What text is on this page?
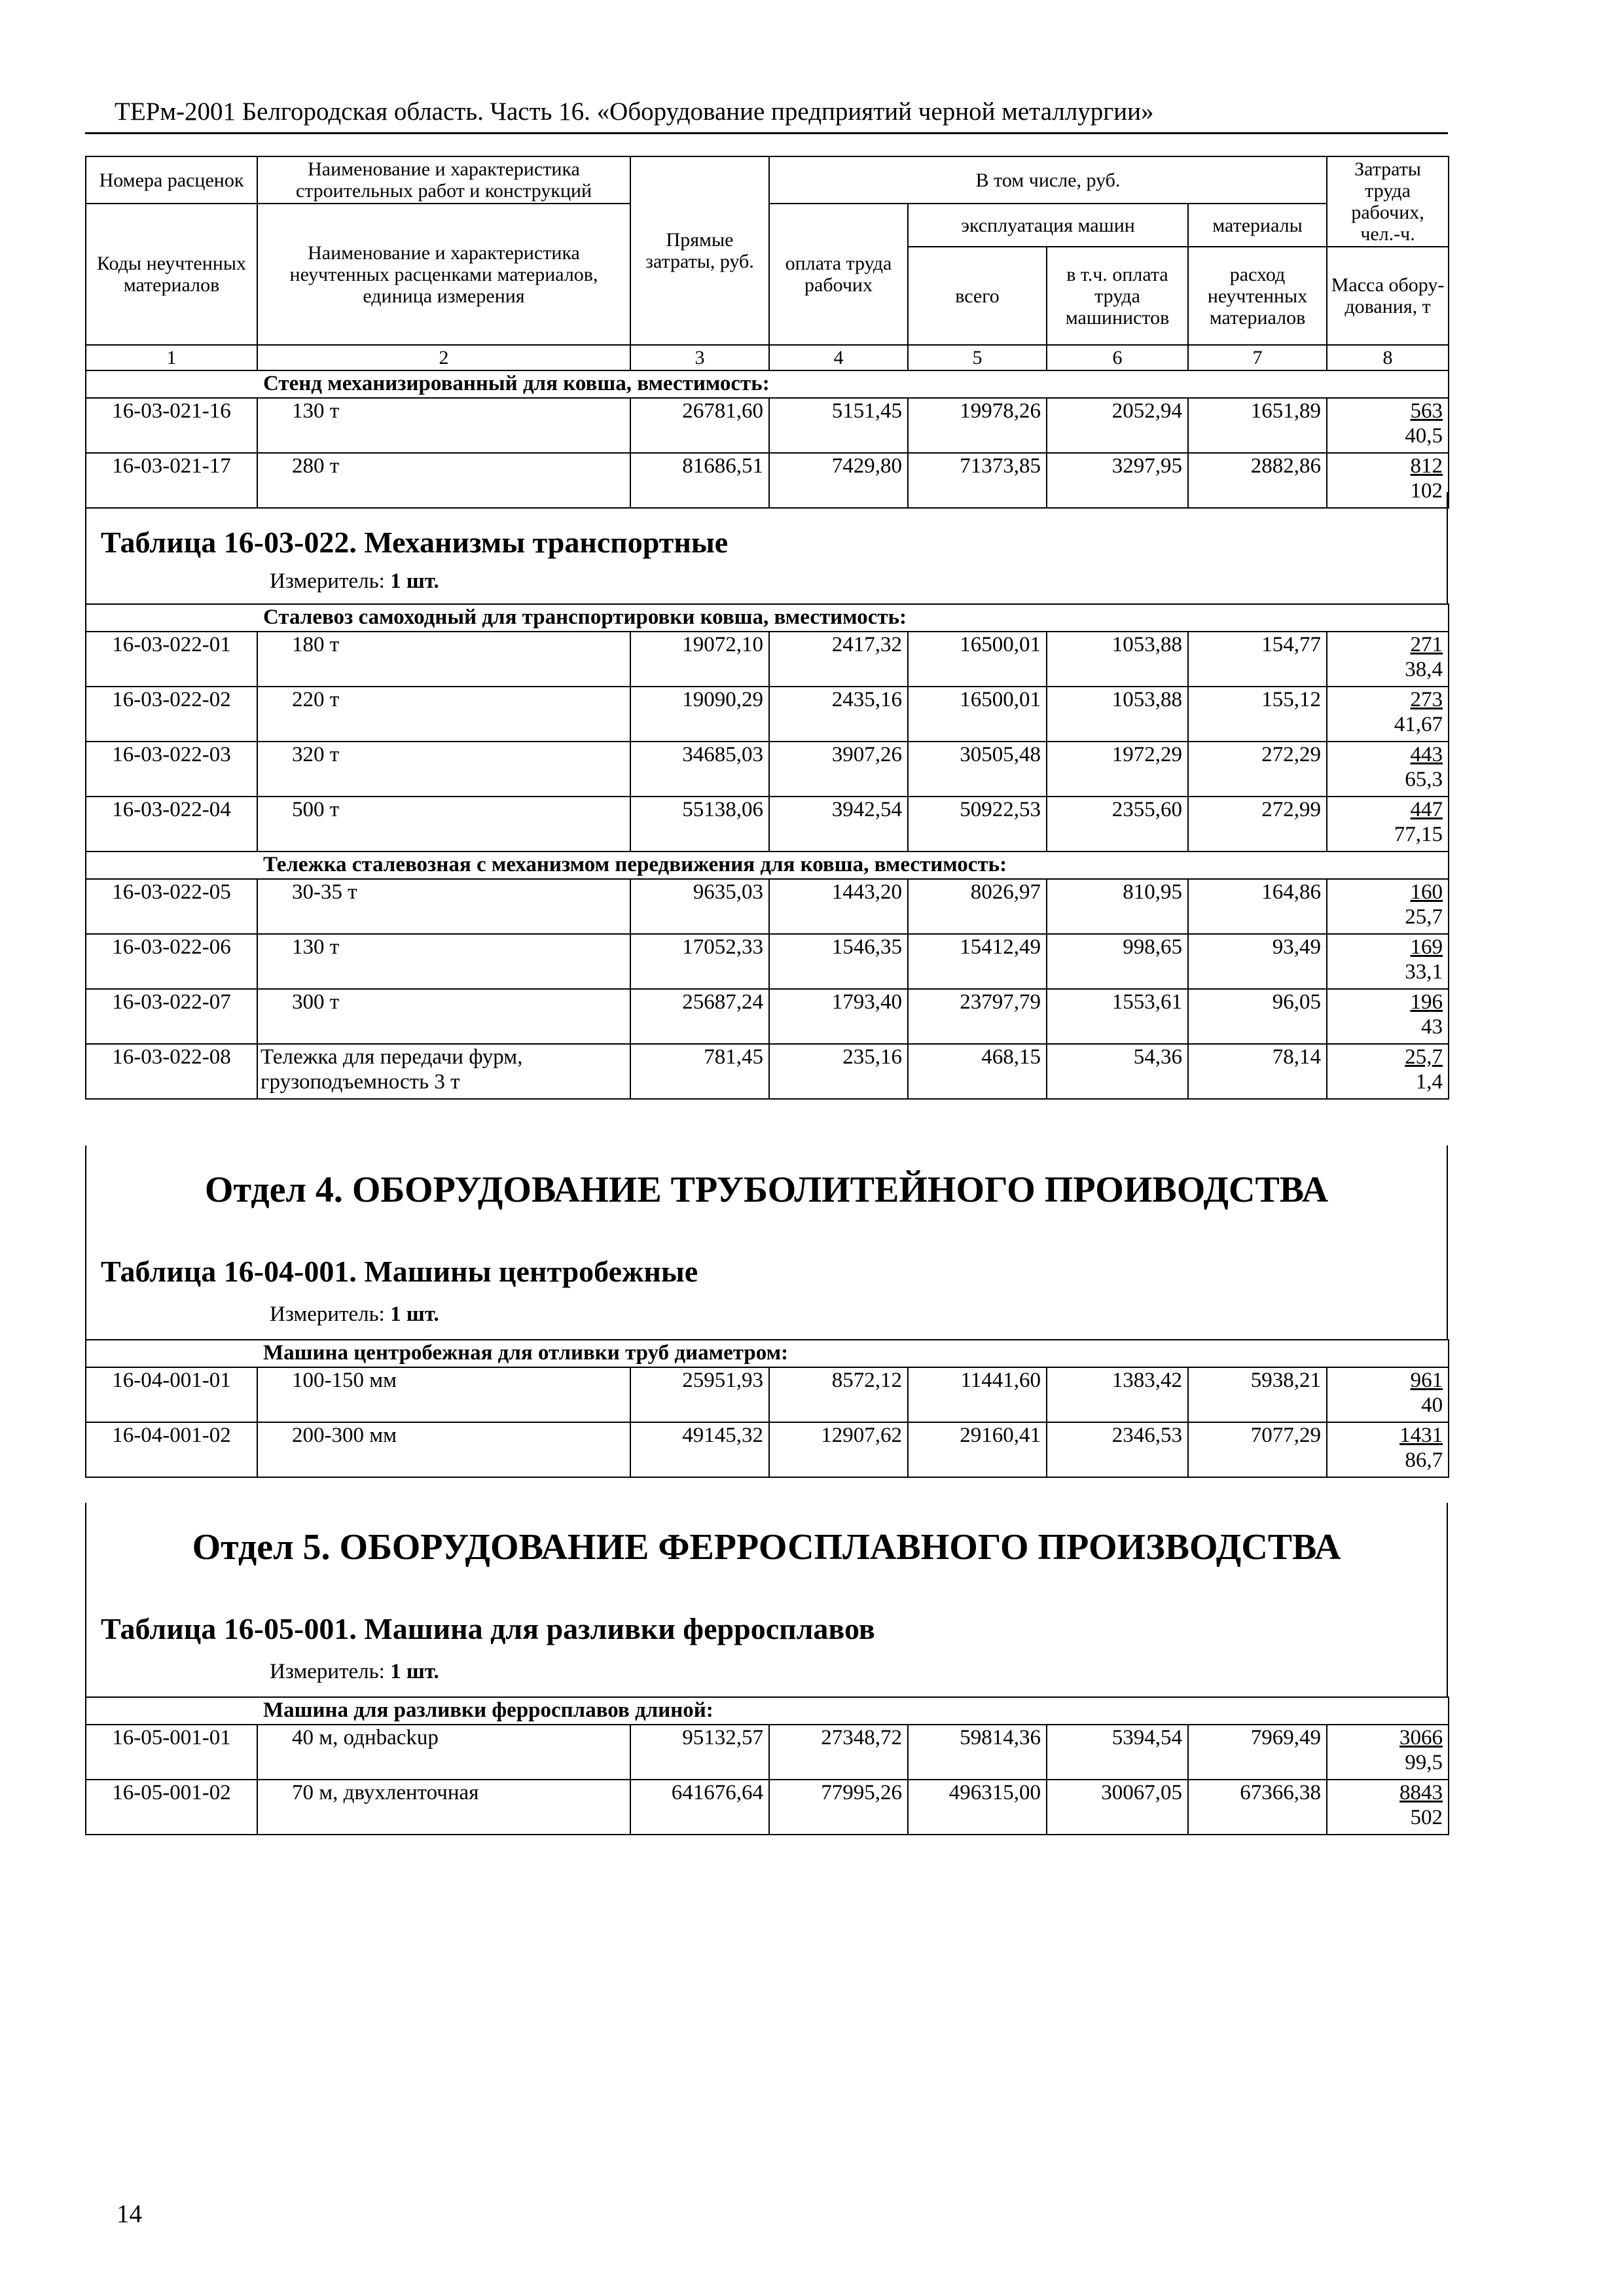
ТЕРм-2001 Белгородская область. Часть 16. «Оборудование предприятий черной металлургии»
Номера расценок	Наименование и характеристика строительных работ и конструкций	Прямые затраты, руб.	В том числе, руб.				Затраты труда рабочих, чел.-ч.
Коды неучтенных материалов	Наименование и характеристика неучтенных расценками материалов, единица измерения		оплата труда рабочих	эксплуатация машин		материалы	
				всего	в т.ч. оплата труда машинистов	расход неучтенных материалов	Масса обору-дования, т
1	2	3	4	5	6	7	8
Стенд механизированный для ковша, вместимость:							
16-03-021-16	130 т	26781,60	5151,45	19978,26	2052,94	1651,89	563
40,5

16-03-021-17	280 т	81686,51	7429,80	71373,85	3297,95	2882,86	812
102
Таблица 16-03-022. Механизмы транспортные
Измеритель: 1 шт.
Сталевоз самоходный для транспортировки ковша, вместимость:							
16-03-022-01	180 т	19072,10	2417,32	16500,01	1053,88	154,77	271
38,4

16-03-022-02	220 т	19090,29	2435,16	16500,01	1053,88	155,12	273
41,67

16-03-022-03	320 т	34685,03	3907,26	30505,48	1972,29	272,29	443
65,3

16-03-022-04	500 т	55138,06	3942,54	50922,53	2355,60	272,99	447
77,15

Тележка сталевозная с механизмом передвижения для ковша, вместимость:							
16-03-022-05	30-35 т	9635,03	1443,20	8026,97	810,95	164,86	160
25,7

16-03-022-06	130 т	17052,33	1546,35	15412,49	998,65	93,49	169
33,1

16-03-022-07	300 т	25687,24	1793,40	23797,79	1553,61	96,05	196
43

16-03-022-08	Тележка для передачи фурм,
грузоподъемность 3 т	781,45	235,16	468,15	54,36	78,14	25,7
1,4
Отдел 4. ОБОРУДОВАНИЕ ТРУБОЛИТЕЙНОГО ПРОИВОДСТВА
Таблица 16-04-001. Машины центробежные
Измеритель: 1 шт.
Машина центробежная для отливки труб диаметром:							
16-04-001-01	100-150 мм	25951,93	8572,12	11441,60	1383,42	5938,21	961
40

16-04-001-02	200-300 мм	49145,32	12907,62	29160,41	2346,53	7077,29	1431
86,7
Отдел 5. ОБОРУДОВАНИЕ ФЕРРОСПЛАВНОГО ПРОИЗВОДСТВА
Таблица 16-05-001. Машина для разливки ферросплавов
Измеритель: 1 шт.
Машина для разливки ферросплавов длиной:							
16-05-001-01	40 м, однbackup	95132,57	27348,72	59814,36	5394,54	7969,49	3066
99,5

16-05-001-02	70 м, двухленточная	641676,64	77995,26	496315,00	30067,05	67366,38	8843
502
14
